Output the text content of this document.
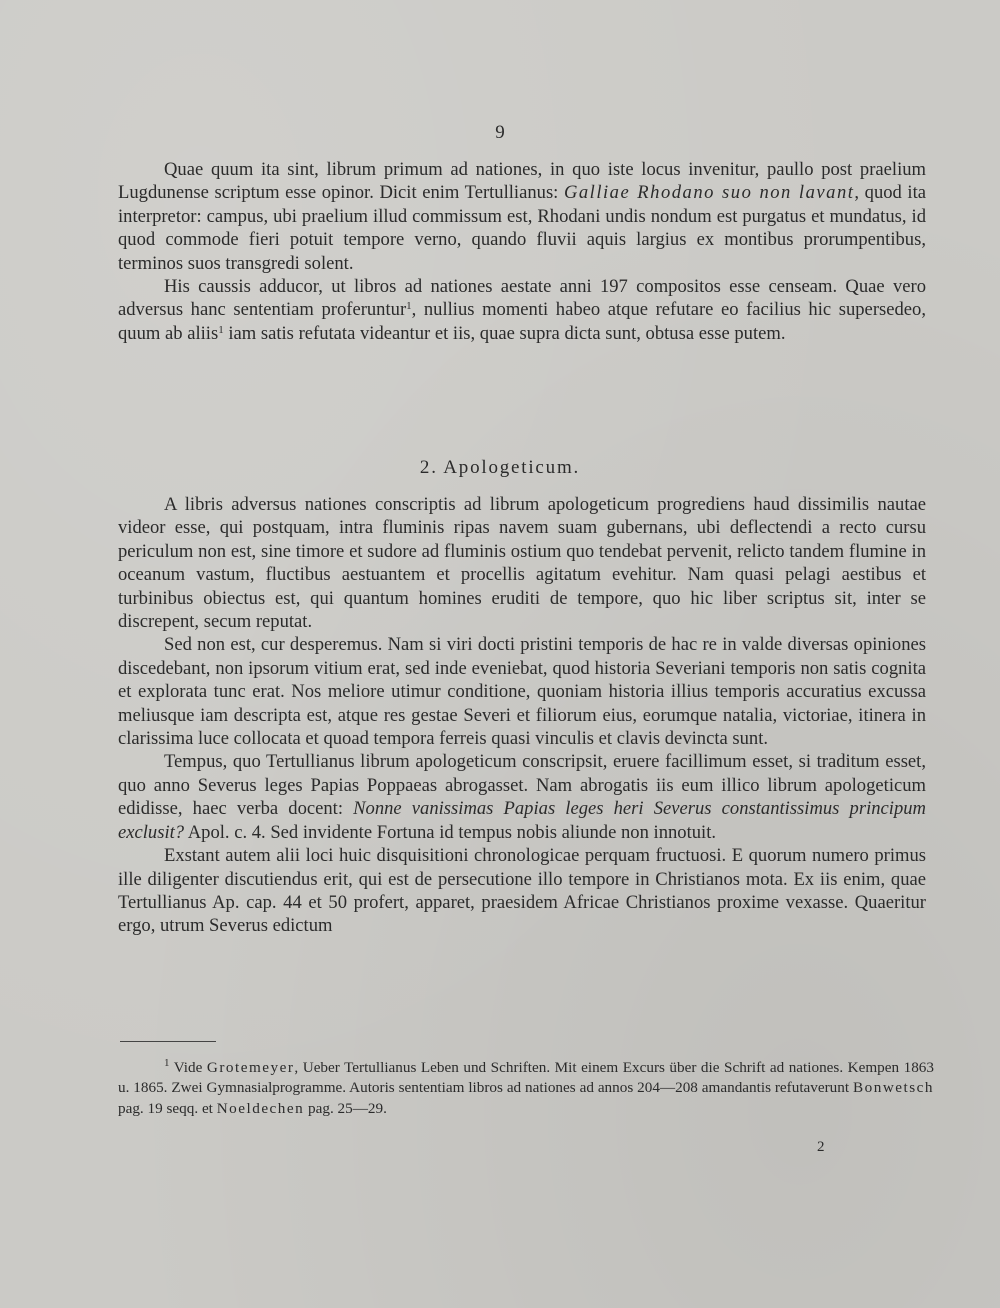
9

Quae quum ita sint, librum primum ad nationes, in quo iste locus invenitur, paullo post praelium Lugdunense scriptum esse opinor. Dicit enim Tertullianus: Galliae Rhodano suo non lavant, quod ita interpretor: campus, ubi praelium illud commissum est, Rhodani undis nondum est purgatus et mundatus, id quod commode fieri potuit tempore verno, quando fluvii aquis largius ex montibus prorumpentibus, terminos suos transgredi solent.

His caussis adducor, ut libros ad nationes aestate anni 197 compositos esse censeam. Quae vero adversus hanc sententiam proferuntur$^1$, nullius momenti habeo atque refutare eo facilius hic supersedeo, quum ab aliis$^1$ iam satis refutata videantur et iis, quae supra dicta sunt, obtusa esse putem.

2. Apologeticum.

A libris adversus nationes conscriptis ad librum apologeticum progrediens haud dissimilis nautae videor esse, qui postquam, intra fluminis ripas navem suam gubernans, ubi deflectendi a recto cursu periculum non est, sine timore et sudore ad fluminis ostium quo tendebat pervenit, relicto tandem flumine in oceanum vastum, fluctibus aestuantem et procellis agitatum evehitur. Nam quasi pelagi aestibus et turbinibus obiectus est, qui quantum homines eruditi de tempore, quo hic liber scriptus sit, inter se discrepent, secum reputat.

Sed non est, cur desperemus. Nam si viri docti pristini temporis de hac re in valde diversas opiniones discedebant, non ipsorum vitium erat, sed inde eveniebat, quod historia Severiani temporis non satis cognita et explorata tunc erat. Nos meliore utimur conditione, quoniam historia illius temporis accuratius excussa meliusque iam descripta est, atque res gestae Severi et filiorum eius, eorumque natalia, victoriae, itinera in clarissima luce collocata et quoad tempora ferreis quasi vinculis et clavis devincta sunt.

Tempus, quo Tertullianus librum apologeticum conscripsit, eruere facillimum esset, si traditum esset, quo anno Severus leges Papias Poppaeas abrogasset. Nam abrogatis iis eum illico librum apologeticum edidisse, haec verba docent: Nonne vanissimas Papias leges heri Severus constantissimus principum exclusit? Apol. c. 4. Sed invidente Fortuna id tempus nobis aliunde non innotuit.

Exstant autem alii loci huic disquisitioni chronologicae perquam fructuosi. E quorum numero primus ille diligenter discutiendus erit, qui est de persecutione illo tempore in Christianos mota. Ex iis enim, quae Tertullianus Ap. cap. 44 et 50 profert, apparet, praesidem Africae Christianos proxime vexasse. Quaeritur ergo, utrum Severus edictum

$^1$ Vide Grotemeyer, Ueber Tertullianus Leben und Schriften. Mit einem Excurs über die Schrift ad nationes. Kempen 1863 u. 1865. Zwei Gymnasialprogramme. Autoris sententiam libros ad nationes ad annos 204—208 amandantis refutaverunt Bonwetsch pag. 19 seqq. et Noeldechen pag. 25—29.

2
